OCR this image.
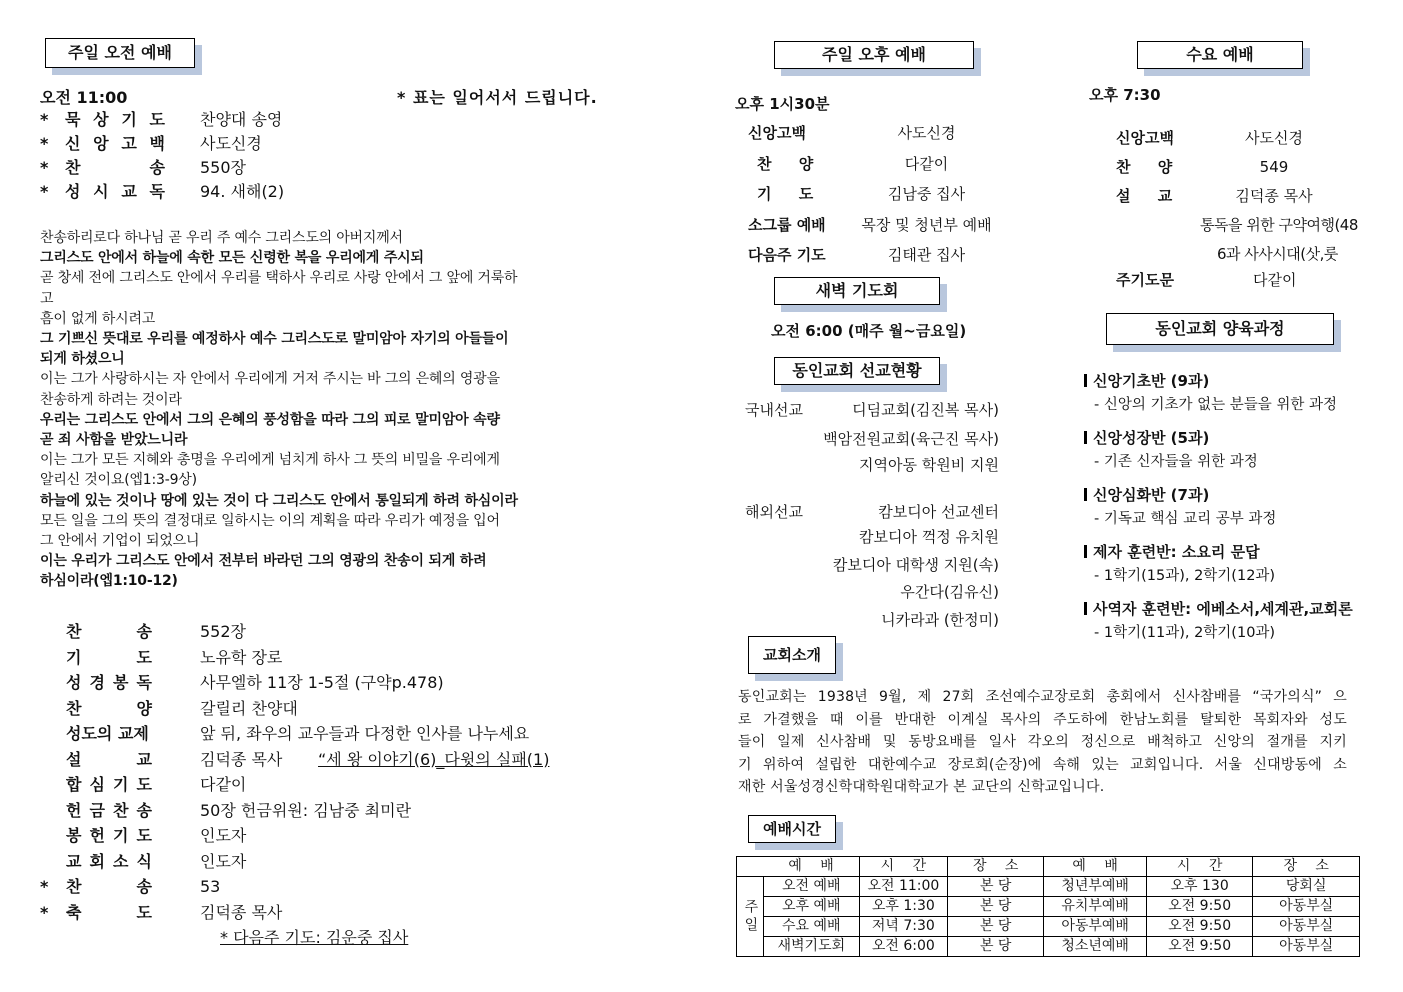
주일 오전 예배
오전 11:00	* 표는 일어서서 드립니다.
* 묵 상 기 도 찬양대 송영
* 신 앙 고 백 사도신경
* 찬	송 550장
* 성 시 교 독 94. 새해(2)
찬송하리로다 하나님 곧 우리 주 예수 그리스도의 아버지께서
그리스도 안에서 하늘에 속한 모든 신령한 복을 우리에게 주시되
곧 창세 전에 그리스도 안에서 우리를 택하사 우리로 사랑 안에서 그 앞에 거룩하
고
흠이 없게 하시려고
그 기쁘신 뜻대로 우리를 예정하사 예수 그리스도로 말미암아 자기의 아들들이
되게 하셨으니
이는 그가 사랑하시는 자 안에서 우리에게 거저 주시는 바 그의 은혜의 영광을
찬송하게 하려는 것이라
우리는 그리스도 안에서 그의 은혜의 풍성함을 따라 그의 피로 말미암아 속량
곧 죄 사함을 받았느니라
이는 그가 모든 지혜와 총명을 우리에게 넘치게 하사 그 뜻의 비밀을 우리에게
알리신 것이요(엡1:3-9상)
하늘에 있는 것이나 땅에 있는 것이 다 그리스도 안에서 통일되게 하려 하심이라
모든 일을 그의 뜻의 결정대로 일하시는 이의 계획을 따라 우리가 예정을 입어
그 안에서 기업이 되었으니
이는 우리가 그리스도 안에서 전부터 바라던 그의 영광의 찬송이 되게 하려
하심이라(엡1:10-12)
찬	송	552장
기	도	노유학 장로
성 경 봉 독	사무엘하 11장 1-5절 (구약p.478)
찬	양	갈릴리 찬양대
성도의 교제	앞 뒤, 좌우의 교우들과 다정한 인사를 나누세요
설	교	김덕종 목사 “세 왕 이야기(6)_다윗의 실패(1)
합 심 기 도	다같이
헌 금 찬 송	50장 헌금위원: 김남중 최미란
봉 헌 기 도	인도자
교 회 소 식	인도자
* 찬	송	53
* 축	도	김덕종 목사
* 다음주 기도: 김운중 집사
주일 오후 예배
오후 1시30분
신앙고백	사도신경
찬 양	다같이
기 도	김남중 집사
소그룹 예배	목장 및 청년부 예배
다음주 기도	김태관 집사
새벽 기도회
오전 6:00 (매주 월~금요일)
동인교회 선교현황
국내선교	디딤교회(김진복 목사)
백암전원교회(육근진 목사)
지역아동 학원비 지원
해외선교	캄보디아 선교센터
캄보디아 꺽정 유치원
캄보디아 대학생 지원(속)
우간다(김유신)
니카라과 (한정미)
수요 예배
오후 7:30
신앙고백	사도신경
찬 양	549
설 교	김덕종 목사
통독을 위한 구약여행(48
6과 사사시대(삿,룻
주기도문	다같이
동인교회 양육과정
신앙기초반 (9과)
- 신앙의 기초가 없는 분들을 위한 과정
신앙성장반 (5과)
- 기존 신자들을 위한 과정
신앙심화반 (7과)
- 기독교 핵심 교리 공부 과정
제자 훈련반: 소요리 문답
- 1학기(15과), 2학기(12과)
사역자 훈련반: 에베소서,세계관,교회론
- 1학기(11과), 2학기(10과)
교회소개
동인교회는 1938년 9월, 제 27회 조선예수교장로회 총회에서 신사참배를 “국가의식” 으
로 가결했을 때 이를 반대한 이계실 목사의 주도하에 한남노회를 탈퇴한 목회자와 성도
들이 일제 신사참배 및 동방요배를 일사 각오의 정신으로 배척하고 신앙의 절개를 지키
기 위하여 설립한 대한예수교 장로회(순장)에 속해 있는 교회입니다. 서울 신대방동에 소
재한 서울성경신학대학원대학교가 본 교단의 신학교입니다.
예배시간
	예 배	시 간	장 소	예 배	시 간	장 소
주일	오전 예배	오전 11:00	본 당	청년부예배	오후 130	당회실
	오후 예배	오후 1:30	본 당	유치부예배	오전 9:50	아동부실
	수요 예배	저녁 7:30	본 당	아동부예배	오전 9:50	아동부실
	새벽기도회	오전 6:00	본 당	청소년예배	오전 9:50	아동부실
